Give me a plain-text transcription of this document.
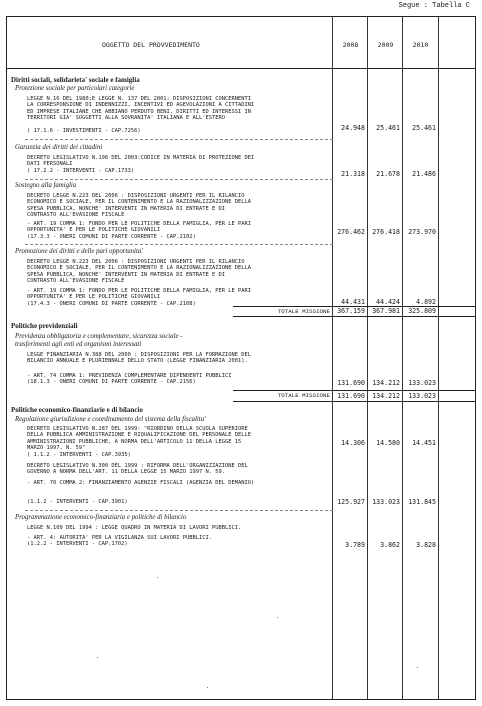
Segue : Tabella C
OGGETTO DEL PROVVEDIMENTO	2008	2009	2010
Diritti sociali, solidarieta' sociale e famiglia
Protezione sociale per particolari categorie
LEGGE N.16 DEL 1980;E LEGGE N. 137 DEL 2001: DISPOSIZIONI CONCERNENTI
LA CORRESPONSIONE DI INDENNIZZI, INCENTIVI ED AGEVOLAZIONI A CITTADINI
ED IMPRESE ITALIANE CHE ABBIANO PERDUTO BENI, DIRITTI ED INTERESSI IN
TERRITORI GIA' SOGGETTI ALLA SOVRANITA' ITALIANA E ALL'ESTERO
( 17.1.6 - INVESTIMENTI - CAP.7256)	24.948	25.461	25.461
Garanzia dei diritti dei cittadini
DECRETO LEGISLATIVO N.196 DEL 2003:CODICE IN MATERIA DI PROTEZIONE DEI
DATI PERSONALI
( 17.2.2 - INTERVENTI - CAP.1733)	21.318	21.678	21.486
Sostegno alla famiglia
DECRETO LEGGE N.223 DEL 2006 : DISPOSIZIONI URGENTI PER IL RILANCIO
ECONOMICO E SOCIALE, PER IL CONTENIMENTO E LA RAZIONALIZZAZIONE DELLA
SPESA PUBBLICA, NONCHE' INTERVENTI IN MATERIA DI ENTRATE E DI
CONTRASTO ALL'EVASIONE FISCALE
- ART. 19 COMMA 1: FONDO PER LE POLITICHE DELLA FAMIGLIA, PER LE PARI
OPPORTUNITA' E PER LE POLITICHE GIOVANILI
(17.3.3 - ONERI COMUNI DI PARTE CORRENTE - CAP.2102)
276.462	276.418	273.970
Promozione dei diritti e delle pari opportunita'
DECRETO LEGGE N.223 DEL 2006 : DISPOSIZIONI URGENTI PER IL RILANCIO
ECONOMICO E SOCIALE, PER IL CONTENIMENTO E LA RAZIONALIZZAZIONE DELLA
SPESA PUBBLICA, NONCHE' INTERVENTI IN MATERIA DI ENTRATE E DI
CONTRASTO ALL'EVASIONE FISCALE
- ART. 19 COMMA 1: FONDO PER LE POLITICHE DELLA FAMIGLIA, PER LE PARI
OPPORTUNITA' E PER LE POLITICHE GIOVANILI
(17.4.3 - ONERI COMUNI DI PARTE CORRENTE - CAP.2108)	44.431	44.424	4.892
TOTALE MISSIONE	367.159	367.981	325.809
Politiche previdenziali
Previdenza obbligatoria e complementare, sicurezza sociale -
trasferimenti agli enti ed organismi interessati
LEGGE FINANZIARIA N.388 DEL 2000 : DISPOSIZIONI PER LA FORMAZIONE DEL
BILANCIO ANNUALE E PLURIENNALE DELLO STATO (LEGGE FINANZIARIA 2001).
- ART. 74 COMMA 1: PREVIDENZA COMPLEMENTARE DIPENDENTI PUBBLICI
(18.1.3 - ONERI COMUNI DI PARTE CORRENTE - CAP.2156)	131.690	134.212	133.023
TOTALE MISSIONE	131.690	134.212	133.023
Politiche economico-finanziarie e di bilancio
Regolazione giurisdizione e coordinamento del sistema della fiscalita'
DECRETO LEGISLATIVO N.287 DEL 1999: "RIORDINO DELLA SCUOLA SUPERIORE
DELLA PUBBLICA AMMINISTRAZIONE E RIQUALIFICAZIONE DEL PERSONALE DELLE
AMMINISTRAZIONI PUBBLICHE, A NORMA DELL'ARTICOLO 11 DELLA LEGGE 15
MARZO 1997, N. 59"
( 1.1.2 - INTERVENTI - CAP.3935)
14.306	14.580	14.451
DECRETO LEGISLATIVO N.300 DEL 1999 : RIFORMA DELL'ORGANIZZAZIONE DEL
GOVERNO A NORMA DELL'ART. 11 DELLA LEGGE 15 MARZO 1997 N. 59.
- ART. 70 COMMA 2: FINANZIAMENTO AGENZIE FISCALI (AGENZIA DEL DEMANIO)
(1.1.2 - INTERVENTI - CAP.3901)	125.927	133.023	131.845
Programmazione economico-finanziaria e politiche di bilancio
LEGGE N.109 DEL 1994 : LEGGE QUADRO IN MATERIA DI LAVORI PUBBLICI.
- ART. 4: AUTORITA' PER LA VIGILANZA SUI LAVORI PUBBLICI.
(1.2.2 - INTERVENTI - CAP.1702)	3.789	3.862	3.828
